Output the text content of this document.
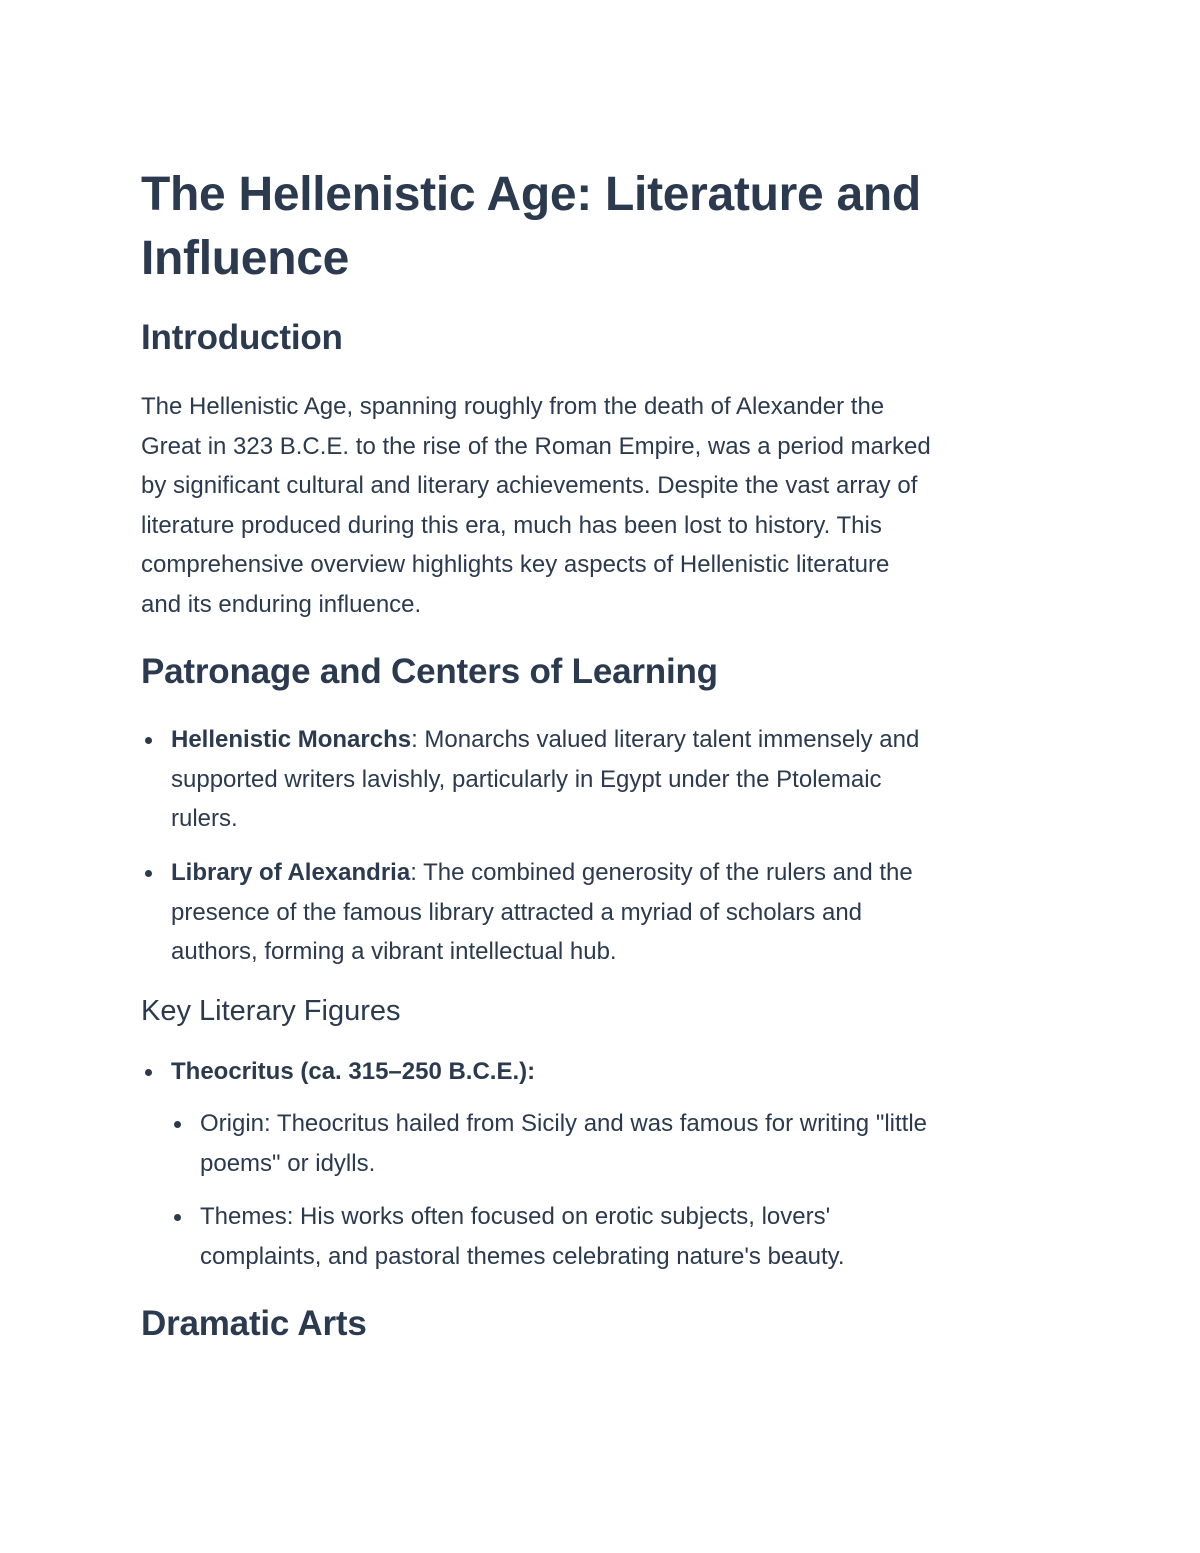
The Hellenistic Age: Literature and
Influence
Introduction
The Hellenistic Age, spanning roughly from the death of Alexander the
Great in 323 B.C.E. to the rise of the Roman Empire, was a period marked
by significant cultural and literary achievements. Despite the vast array of
literature produced during this era, much has been lost to history. This
comprehensive overview highlights key aspects of Hellenistic literature
and its enduring influence.
Patronage and Centers of Learning
Hellenistic Monarchs: Monarchs valued literary talent immensely and
supported writers lavishly, particularly in Egypt under the Ptolemaic
rulers.
Library of Alexandria: The combined generosity of the rulers and the
presence of the famous library attracted a myriad of scholars and
authors, forming a vibrant intellectual hub.
Key Literary Figures
Theocritus (ca. 315–250 B.C.E.):
Origin: Theocritus hailed from Sicily and was famous for writing "little
poems" or idylls.
Themes: His works often focused on erotic subjects, lovers'
complaints, and pastoral themes celebrating nature's beauty.
Dramatic Arts
